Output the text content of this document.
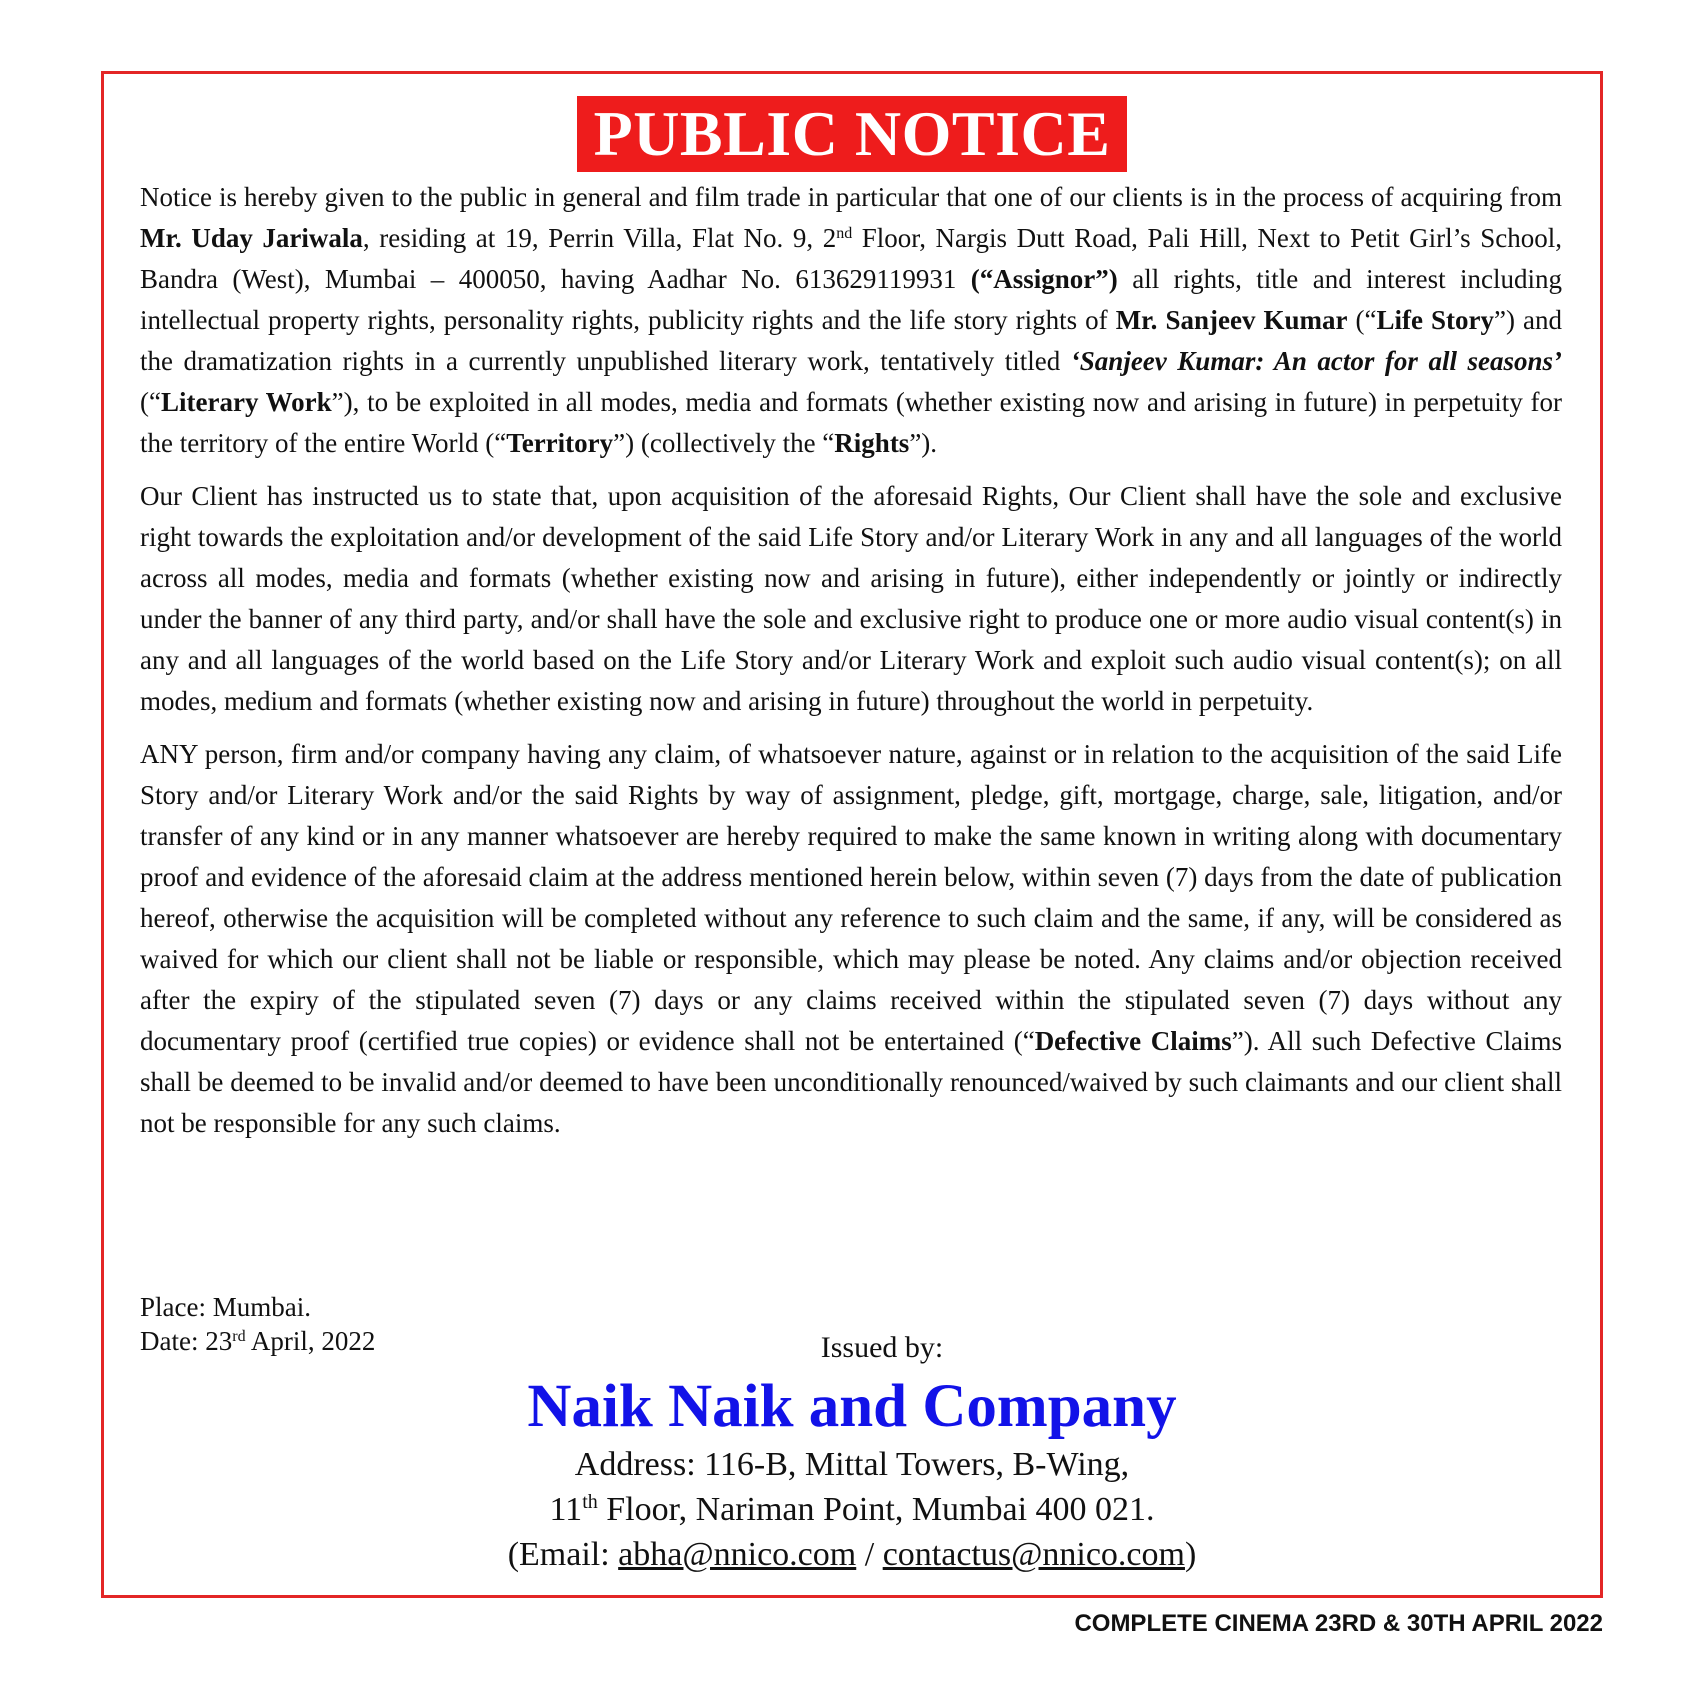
PUBLIC NOTICE

Notice is hereby given to the public in general and film trade in particular that one of our clients is in the process of acquiring from Mr. Uday Jariwala, residing at 19, Perrin Villa, Flat No. 9, 2nd Floor, Nargis Dutt Road, Pali Hill, Next to Petit Girl’s School, Bandra (West), Mumbai – 400050, having Aadhar No. 613629119931 (“Assignor”) all rights, title and interest including intellectual property rights, personality rights, publicity rights and the life story rights of Mr. Sanjeev Kumar (“Life Story”) and the dramatization rights in a currently unpublished literary work, tentatively titled ‘Sanjeev Kumar: An actor for all seasons’ (“Literary Work”), to be exploited in all modes, media and formats (whether existing now and arising in future) in perpetuity for the territory of the entire World (“Territory”) (collectively the “Rights”).

Our Client has instructed us to state that, upon acquisition of the aforesaid Rights, Our Client shall have the sole and exclusive right towards the exploitation and/or development of the said Life Story and/or Literary Work in any and all languages of the world across all modes, media and formats (whether existing now and arising in future), either independently or jointly or indirectly under the banner of any third party, and/or shall have the sole and exclusive right to produce one or more audio visual content(s) in any and all languages of the world based on the Life Story and/or Literary Work and exploit such audio visual content(s); on all modes, medium and formats (whether existing now and arising in future) throughout the world in perpetuity.

ANY person, firm and/or company having any claim, of whatsoever nature, against or in relation to the acquisition of the said Life Story and/or Literary Work and/or the said Rights by way of assignment, pledge, gift, mortgage, charge, sale, litigation, and/or transfer of any kind or in any manner whatsoever are hereby required to make the same known in writing along with documentary proof and evidence of the aforesaid claim at the address mentioned herein below, within seven (7) days from the date of publication hereof, otherwise the acquisition will be completed without any reference to such claim and the same, if any, will be considered as waived for which our client shall not be liable or responsible, which may please be noted. Any claims and/or objection received after the expiry of the stipulated seven (7) days or any claims received within the stipulated seven (7) days without any documentary proof (certified true copies) or evidence shall not be entertained (“Defective Claims”). All such Defective Claims shall be deemed to be invalid and/or deemed to have been unconditionally renounced/waived by such claimants and our client shall not be responsible for any such claims.

Place: Mumbai.
Date: 23rd April, 2022	Issued by:
Naik Naik and Company
Address: 116-B, Mittal Towers, B-Wing,
11th Floor, Nariman Point, Mumbai 400 021.
(Email: abha@nnico.com / contactus@nnico.com)
COMPLETE CINEMA 23RD & 30TH APRIL 2022
